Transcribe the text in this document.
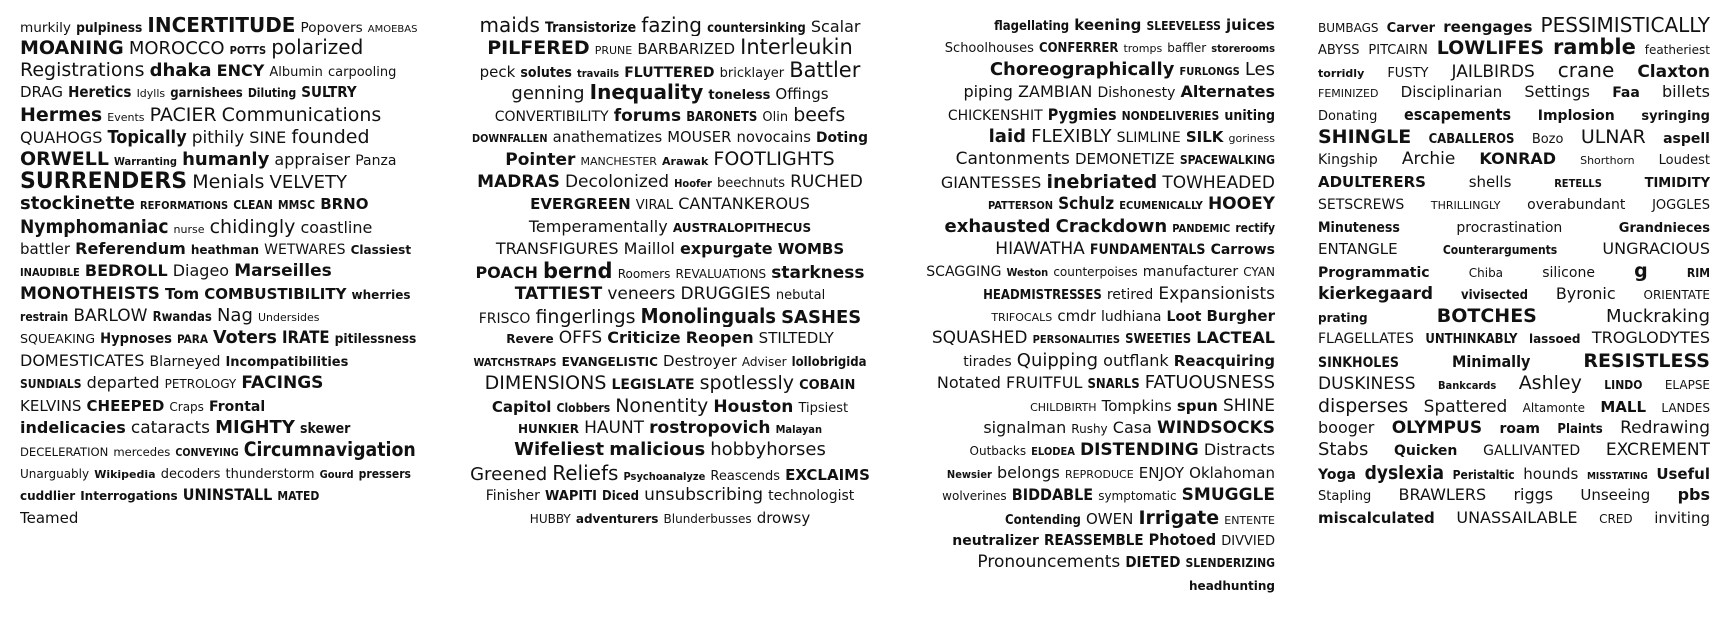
murkily pulpiness INCERTITUDE Popovers AMOEBAS
MOANING MOROCCO POTTS polarized
Registrations dhaka ENCY Albumin carpooling
DRAG Heretics Idylls garnishees Diluting SULTRY
Hermes Events PACIER Communications
QUAHOGS Topically pithily SINE founded
ORWELL Warranting humanly appraiser Panza
SURRENDERS Menials VELVETY
stockinette REFORMATIONS CLEAN MMSC BRNO
Nymphomaniac nurse chidingly coastline
battler Referendum heathman WETWARES Classiest
INAUDIBLE BEDROLL Diageo Marseilles
MONOTHEISTS Tom COMBUSTIBILITY wherries
restrain BARLOW Rwandas Nag Undersides
SQUEAKING Hypnoses PARA Voters IRATE pitilessness
DOMESTICATES Blarneyed Incompatibilities
SUNDIALS departed PETROLOGY FACINGS
KELVINS CHEEPED Craps Frontal
indelicacies cataracts MIGHTY skewer
DECELERATION mercedes CONVEYING Circumnavigation
Unarguably Wikipedia decoders thunderstorm Gourd pressers
cuddlier Interrogations UNINSTALL MATED
Teamed
maids Transistorize fazing countersinking Scalar
PILFERED PRUNE BARBARIZED Interleukin
peck solutes travails FLUTTERED bricklayer Battler
genning Inequality toneless Offings
CONVERTIBILITY forums BARONETS Olin beefs
DOWNFALLEN anathematizes MOUSER novocains Doting
Pointer MANCHESTER Arawak FOOTLIGHTS
MADRAS Decolonized Hoofer beechnuts RUCHED
EVERGREEN VIRAL CANTANKEROUS
Temperamentally AUSTRALOPITHECUS
TRANSFIGURES Maillol expurgate WOMBS
POACH bernd Roomers REVALUATIONS starkness
TATTIEST veneers DRUGGIES nebutal
FRISCO fingerlings Monolinguals SASHES
Revere OFFS Criticize Reopen STILTEDLY
WATCHSTRAPS EVANGELISTIC Destroyer Adviser lollobrigida
DIMENSIONS LEGISLATE spotlessly COBAIN
Capitol Clobbers Nonentity Houston Tipsiest
HUNKIER HAUNT rostropovich Malayan
Wifeliest malicious hobbyhorses
Greened Reliefs Psychoanalyze Reascends EXCLAIMS
Finisher WAPITI Diced unsubscribing technologist
HUBBY adventurers Blunderbusses drowsy
flagellating keening SLEEVELESS juices
Schoolhouses CONFERRER tromps baffler storerooms
Choreographically FURLONGS Les
piping ZAMBIAN Dishonesty Alternates
CHICKENSHIT Pygmies NONDELIVERIES uniting
laid FLEXIBLY SLIMLINE SILK goriness
Cantonments DEMONETIZE SPACEWALKING
GIANTESSES inebriated TOWHEADED
PATTERSON Schulz ECUMENICALLY HOOEY
exhausted Crackdown PANDEMIC rectify
HIAWATHA FUNDAMENTALS Carrows
SCAGGING Weston counterpoises manufacturer CYAN
HEADMISTRESSES retired Expansionists
TRIFOCALS cmdr ludhiana Loot Burgher
SQUASHED PERSONALITIES SWEETIES LACTEAL
tirades Quipping outflank Reacquiring
Notated FRUITFUL SNARLS FATUOUSNESS
CHILDBIRTH Tompkins spun SHINE
signalman Rushy Casa WINDSOCKS
Outbacks ELODEA DISTENDING Distracts
Newsier belongs REPRODUCE ENJOY Oklahoman
wolverines BIDDABLE symptomatic SMUGGLE
Contending OWEN Irrigate ENTENTE
neutralizer REASSEMBLE Photoed DIVVIED
Pronouncements DIETED SLENDERIZING
headhunting
BUMBAGS Carver reengages PESSIMISTICALLY
ABYSS PITCAIRN LOWLIFES ramble featheriest
torridly FUSTY JAILBIRDS crane Claxton
FEMINIZED Disciplinarian Settings Faa billets
Donating escapements Implosion syringing
SHINGLE CABALLEROS Bozo ULNAR aspell
Kingship Archie KONRAD Shorthorn Loudest
ADULTERERS	shells	RETELLS	TIMIDITY
SETSCREWS THRILLINGLY overabundant JOGGLES
Minuteness	procrastination	Grandnieces
ENTANGLE	Counterarguments	UNGRACIOUS
Programmatic	Chiba	silicone g	RIM
kierkegaard vivisected Byronic ORIENTATE
prating	BOTCHES	Muckraking
FLAGELLATES UNTHINKABLY lassoed TROGLODYTES
SINKHOLES	Minimally	RESISTLESS
DUSKINESS Bankcards Ashley LINDO ELAPSE
disperses Spattered Altamonte MALL LANDES
booger OLYMPUS roam Plaints Redrawing
Stabs Quicken GALLIVANTED EXCREMENT
Yoga dyslexia Peristaltic hounds MISSTATING Useful
Stapling BRAWLERS riggs Unseeing pbs
miscalculated UNASSAILABLE CRED inviting
